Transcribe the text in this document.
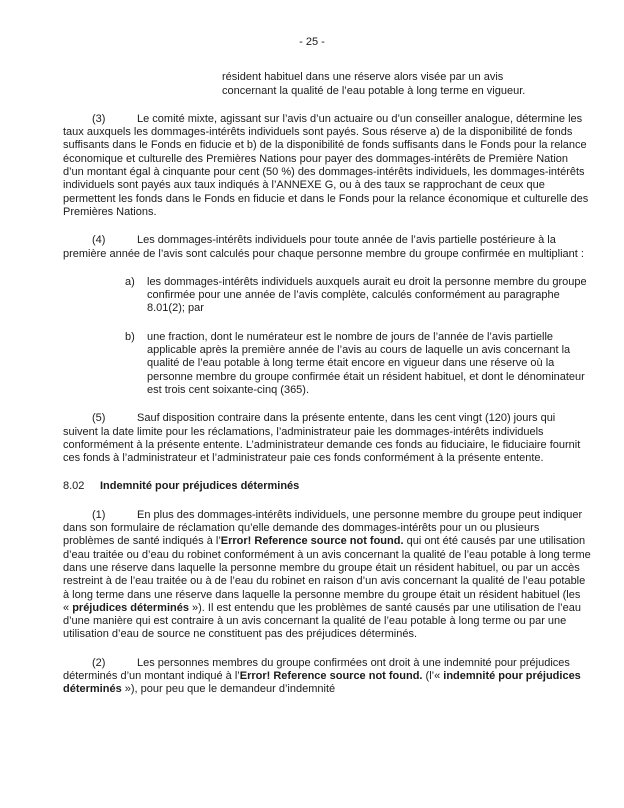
- 25 -
résident habituel dans une réserve alors visée par un avis concernant la qualité de l’eau potable à long terme en vigueur.
(3)	Le comité mixte, agissant sur l’avis d’un actuaire ou d’un conseiller analogue, détermine les taux auxquels les dommages-intérêts individuels sont payés. Sous réserve a) de la disponibilité de fonds suffisants dans le Fonds en fiducie et b) de la disponibilité de fonds suffisants dans le Fonds pour la relance économique et culturelle des Premières Nations pour payer des dommages-intérêts de Première Nation d’un montant égal à cinquante pour cent (50 %) des dommages-intérêts individuels, les dommages-intérêts individuels sont payés aux taux indiqués à l’ANNEXE G, ou à des taux se rapprochant de ceux que permettent les fonds dans le Fonds en fiducie et dans le Fonds pour la relance économique et culturelle des Premières Nations.
(4)	Les dommages-intérêts individuels pour toute année de l’avis partielle postérieure à la première année de l’avis sont calculés pour chaque personne membre du groupe confirmée en multipliant :
a) les dommages-intérêts individuels auxquels aurait eu droit la personne membre du groupe confirmée pour une année de l’avis complète, calculés conformément au paragraphe 8.01(2); par
b) une fraction, dont le numérateur est le nombre de jours de l’année de l’avis partielle applicable après la première année de l’avis au cours de laquelle un avis concernant la qualité de l’eau potable à long terme était encore en vigueur dans une réserve où la personne membre du groupe confirmée était un résident habituel, et dont le dénominateur est trois cent soixante-cinq (365).
(5)	Sauf disposition contraire dans la présente entente, dans les cent vingt (120) jours qui suivent la date limite pour les réclamations, l’administrateur paie les dommages-intérêts individuels conformément à la présente entente. L’administrateur demande ces fonds au fiduciaire, le fiduciaire fournit ces fonds à l’administrateur et l’administrateur paie ces fonds conformément à la présente entente.
8.02 Indemnité pour préjudices déterminés
(1)	En plus des dommages-intérêts individuels, une personne membre du groupe peut indiquer dans son formulaire de réclamation qu’elle demande des dommages-intérêts pour un ou plusieurs problèmes de santé indiqués à l’Error! Reference source not found. qui ont été causés par une utilisation d’eau traitée ou d’eau du robinet conformément à un avis concernant la qualité de l’eau potable à long terme dans une réserve dans laquelle la personne membre du groupe était un résident habituel, ou par un accès restreint à de l’eau traitée ou à de l’eau du robinet en raison d’un avis concernant la qualité de l’eau potable à long terme dans une réserve dans laquelle la personne membre du groupe était un résident habituel (les « préjudices déterminés »). Il est entendu que les problèmes de santé causés par une utilisation de l’eau d’une manière qui est contraire à un avis concernant la qualité de l’eau potable à long terme ou par une utilisation d’eau de source ne constituent pas des préjudices déterminés.
(2)	Les personnes membres du groupe confirmées ont droit à une indemnité pour préjudices déterminés d’un montant indiqué à l’Error! Reference source not found. (l’« indemnité pour préjudices déterminés »), pour peu que le demandeur d’indemnité
